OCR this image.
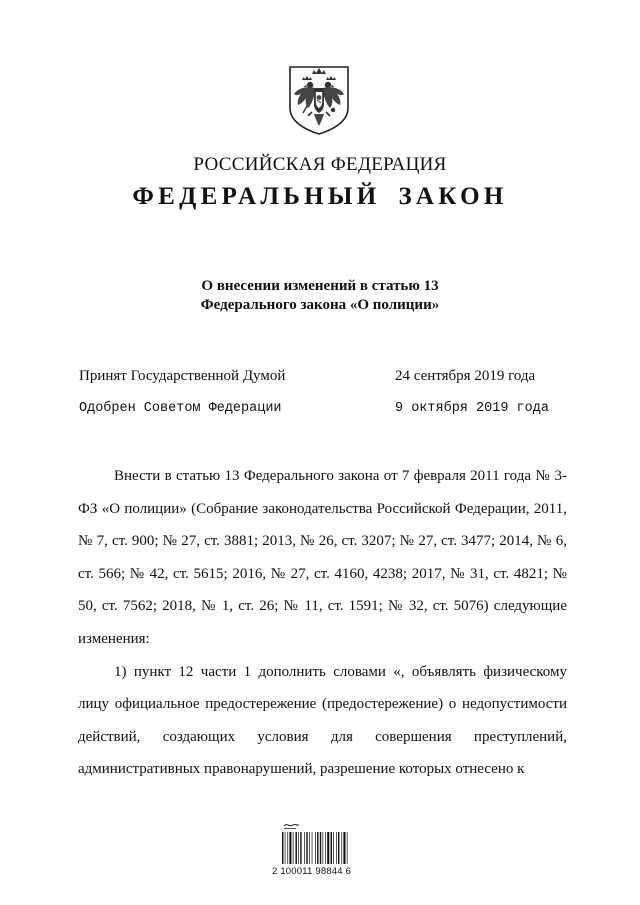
РОССИЙСКАЯ ФЕДЕРАЦИЯ
ФЕДЕРАЛЬНЫЙ ЗАКОН
О внесении изменений в статью 13
Федерального закона «О полиции»
Принят Государственной Думой	24 сентября 2019 года
Одобрен Советом Федерации	9 октября 2019 года

Внести в статью 13 Федерального закона от 7 февраля 2011 года № 3-ФЗ «О полиции» (Собрание законодательства Российской Федерации, 2011, № 7, ст. 900; № 27, ст. 3881; 2013, № 26, ст. 3207; № 27, ст. 3477; 2014, № 6, ст. 566; № 42, ст. 5615; 2016, № 27, ст. 4160, 4238; 2017, № 31, ст. 4821; № 50, ст. 7562; 2018, № 1, ст. 26; № 11, ст. 1591; № 32, ст. 5076) следующие изменения:

1) пункт 12 части 1 дополнить словами «, объявлять физическому лицу официальное предостережение (предостережение) о недопустимости действий, создающих условия для совершения преступлений, административных правонарушений, разрешение которых отнесено к

2 100011 98844 6
